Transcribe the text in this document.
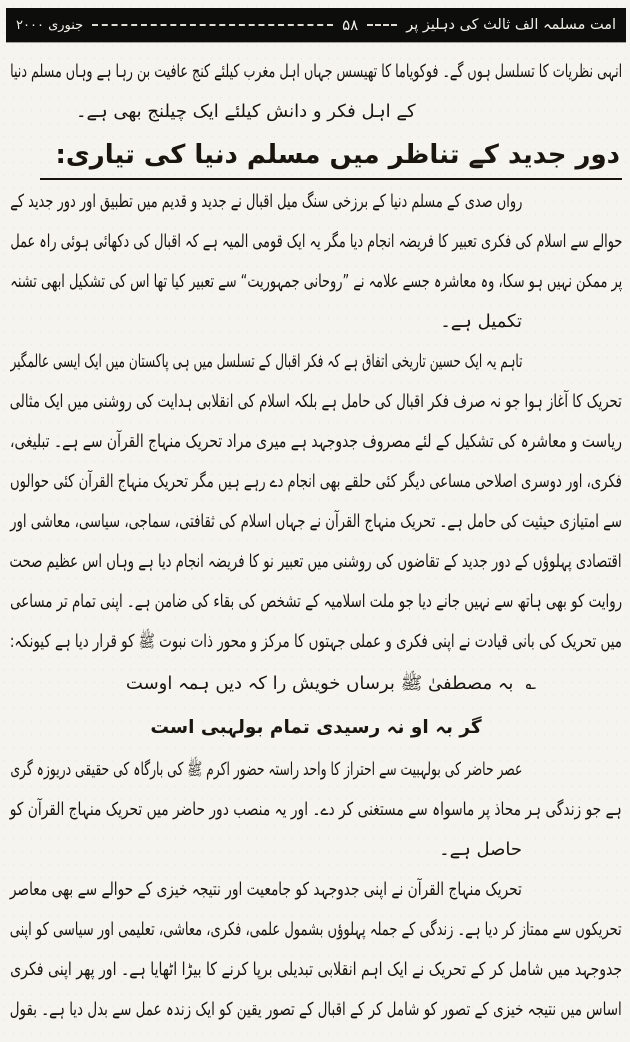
امت مسلمہ الف ثالث کی دہلیز پر
۵۸
جنوری ۲۰۰۰
انہی نظریات کا تسلسل ہوں گے۔ فوکویاما کا تھیسس جہاں اہل مغرب کیلئے کنج عافیت بن رہا ہے وہاں مسلم دنیا
کے اہل فکر و دانش کیلئے ایک چیلنج بھی ہے۔
دور جدید کے تناظر میں مسلم دنیا کی تیاری:
رواں صدی کے مسلم دنیا کے برزخی سنگ میل اقبال نے جدید و قدیم میں تطبیق اور دور جدید کے
حوالے سے اسلام کی فکری تعبیر کا فریضہ انجام دیا مگر یہ ایک قومی المیہ ہے کہ اقبال کی دکھائی ہوئی راہ عمل
پر ممکن نہیں ہو سکا، وہ معاشرہ جسے علامہ نے ”روحانی جمہوریت“ سے تعبیر کیا تھا اس کی تشکیل ابھی تشنہ
تکمیل ہے۔
تاہم یہ ایک حسین تاریخی اتفاق ہے کہ فکر اقبال کے تسلسل میں ہی پاکستان میں ایک ایسی عالمگیر
تحریک کا آغاز ہوا جو نہ صرف فکر اقبال کی حامل ہے بلکہ اسلام کی انقلابی ہدایت کی روشنی میں ایک مثالی
ریاست و معاشرہ کی تشکیل کے لئے مصروف جدوجہد ہے میری مراد تحریک منہاج القرآن سے ہے۔ تبلیغی،
فکری، اور دوسری اصلاحی مساعی دیگر کئی حلقے بھی انجام دے رہے ہیں مگر تحریک منہاج القرآن کئی حوالوں
سے امتیازی حیثیت کی حامل ہے۔ تحریک منہاج القرآن نے جہاں اسلام کی ثقافتی، سماجی، سیاسی، معاشی اور
اقتصادی پہلوؤں کے دور جدید کے تقاضوں کی روشنی میں تعبیر نو کا فریضہ انجام دیا ہے وہاں اس عظیم صحت
روایت کو بھی ہاتھ سے نہیں جانے دیا جو ملت اسلامیہ کے تشخص کی بقاء کی ضامن ہے۔ اپنی تمام تر مساعی
میں تحریک کی بانی قیادت نے اپنی فکری و عملی جہتوں کا مرکز و محور ذات نبوت ﷺ کو قرار دیا ہے کیونکہ:
؎بہ مصطفیٰ ﷺ برساں خویش را کہ دیں ہمہ اوست
گر بہ او نہ رسیدی تمام بولہبی است
عصر حاضر کی بولہبیت سے احتراز کا واحد راستہ حضور اکرم ﷺ کی بارگاہ کی حقیقی دریوزہ گری
ہے جو زندگی ہر محاذ پر ماسواہ سے مستغنی کر دے۔ اور یہ منصب دور حاضر میں تحریک منہاج القرآن کو
حاصل ہے۔
تحریک منہاج القرآن نے اپنی جدوجہد کو جامعیت اور نتیجہ خیزی کے حوالے سے بھی معاصر
تحریکوں سے ممتاز کر دیا ہے۔ زندگی کے جملہ پہلوؤں بشمول علمی، فکری، معاشی، تعلیمی اور سیاسی کو اپنی
جدوجہد میں شامل کر کے تحریک نے ایک اہم انقلابی تبدیلی برپا کرنے کا بیڑا اٹھایا ہے۔ اور پھر اپنی فکری
اساس میں نتیجہ خیزی کے تصور کو شامل کر کے اقبال کے تصور یقین کو ایک زندہ عمل سے بدل دیا ہے۔ بقول
